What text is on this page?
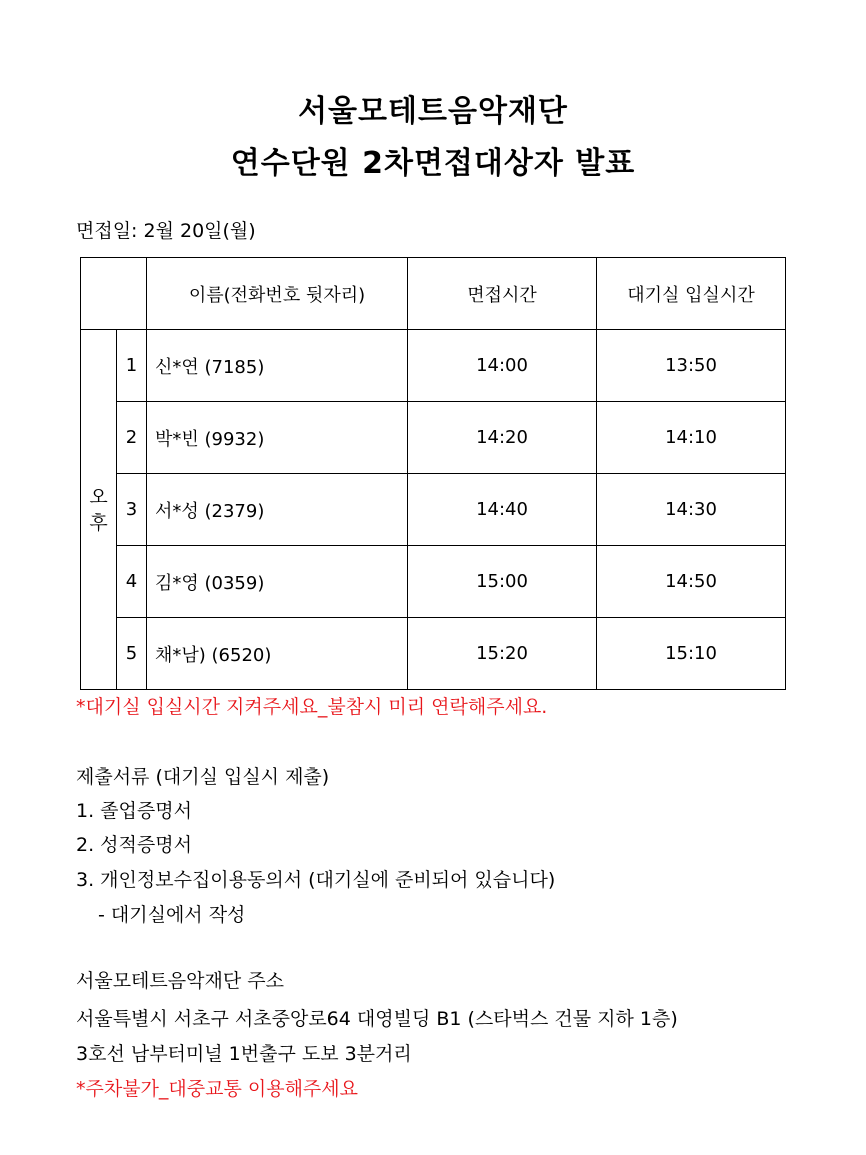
서울모테트음악재단
연수단원 2차면접대상자 발표
면접일: 2월 20일(월)
		이름(전화번호 뒷자리)	면접시간	대기실 입실시간
오
후	1	신*연 (7185)	14:00	13:50
	2	박*빈 (9932)	14:20	14:10
	3	서*성 (2379)	14:40	14:30
	4	김*영 (0359)	15:00	14:50
	5	채*남) (6520)	15:20	15:10
*대기실 입실시간 지켜주세요_불참시 미리 연락해주세요.
제출서류 (대기실 입실시 제출)
1. 졸업증명서
2. 성적증명서
3. 개인정보수집이용동의서 (대기실에 준비되어 있습니다)
- 대기실에서 작성
서울모테트음악재단 주소
서울특별시 서초구 서초중앙로64 대영빌딩 B1 (스타벅스 건물 지하 1층)
3호선 남부터미널 1번출구 도보 3분거리
*주차불가_대중교통 이용해주세요
